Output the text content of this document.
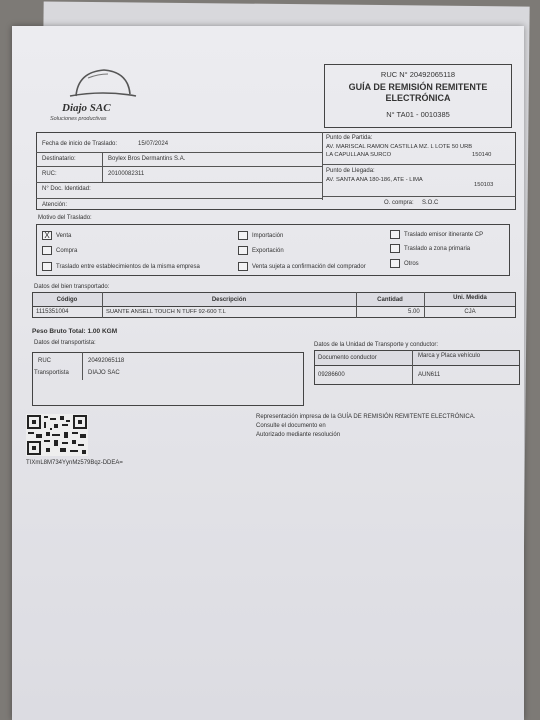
Diajo SAC
Soluciones productivas
RUC N° 20492065118
GUÍA DE REMISIÓN REMITENTE
ELECTRÓNICA
N° TA01 - 0010385
Fecha de inicio de Traslado:	15/07/2024
Destinatario:	Boylex Bros Dermantins S.A.
RUC:	20100082311
N° Doc. Identidad:
Atención:
Punto de Partida:
AV. MARISCAL RAMON CASTILLA MZ. L LOTE 50 URB
LA CAPULLANA SURCO	150140
Punto de Llegada:
AV. SANTA ANA 180-186, ATE - LIMA
150103
O. compra: S.O.C
Motivo del Traslado:
X	Venta
Compra
Traslado entre establecimientos de la misma empresa
Importación
Exportación
Venta sujeta a confirmación del comprador
Traslado emisor itinerante CP
Traslado a zona primaria
Otros
Datos del bien transportado:
Código	Descripción	Cantidad	Uni. Medida
1115351004	SUANTE ANSELL TOUCH N TUFF 92-600 T.L	5.00	CJA
Peso Bruto Total: 1.00 KGM
Datos del transportista:
RUC	20492065118
Transportista	DIAJO SAC
Datos de la Unidad de Transporte y conductor:
Documento conductor	Marca y Placa vehículo
09286600	AUN611
TIXmL8M734YynMz579Bqz-DDEA=
Representación impresa de la GUÍA DE REMISIÓN REMITENTE ELECTRÓNICA.
Consulte el documento en
Autorizado mediante resolución
